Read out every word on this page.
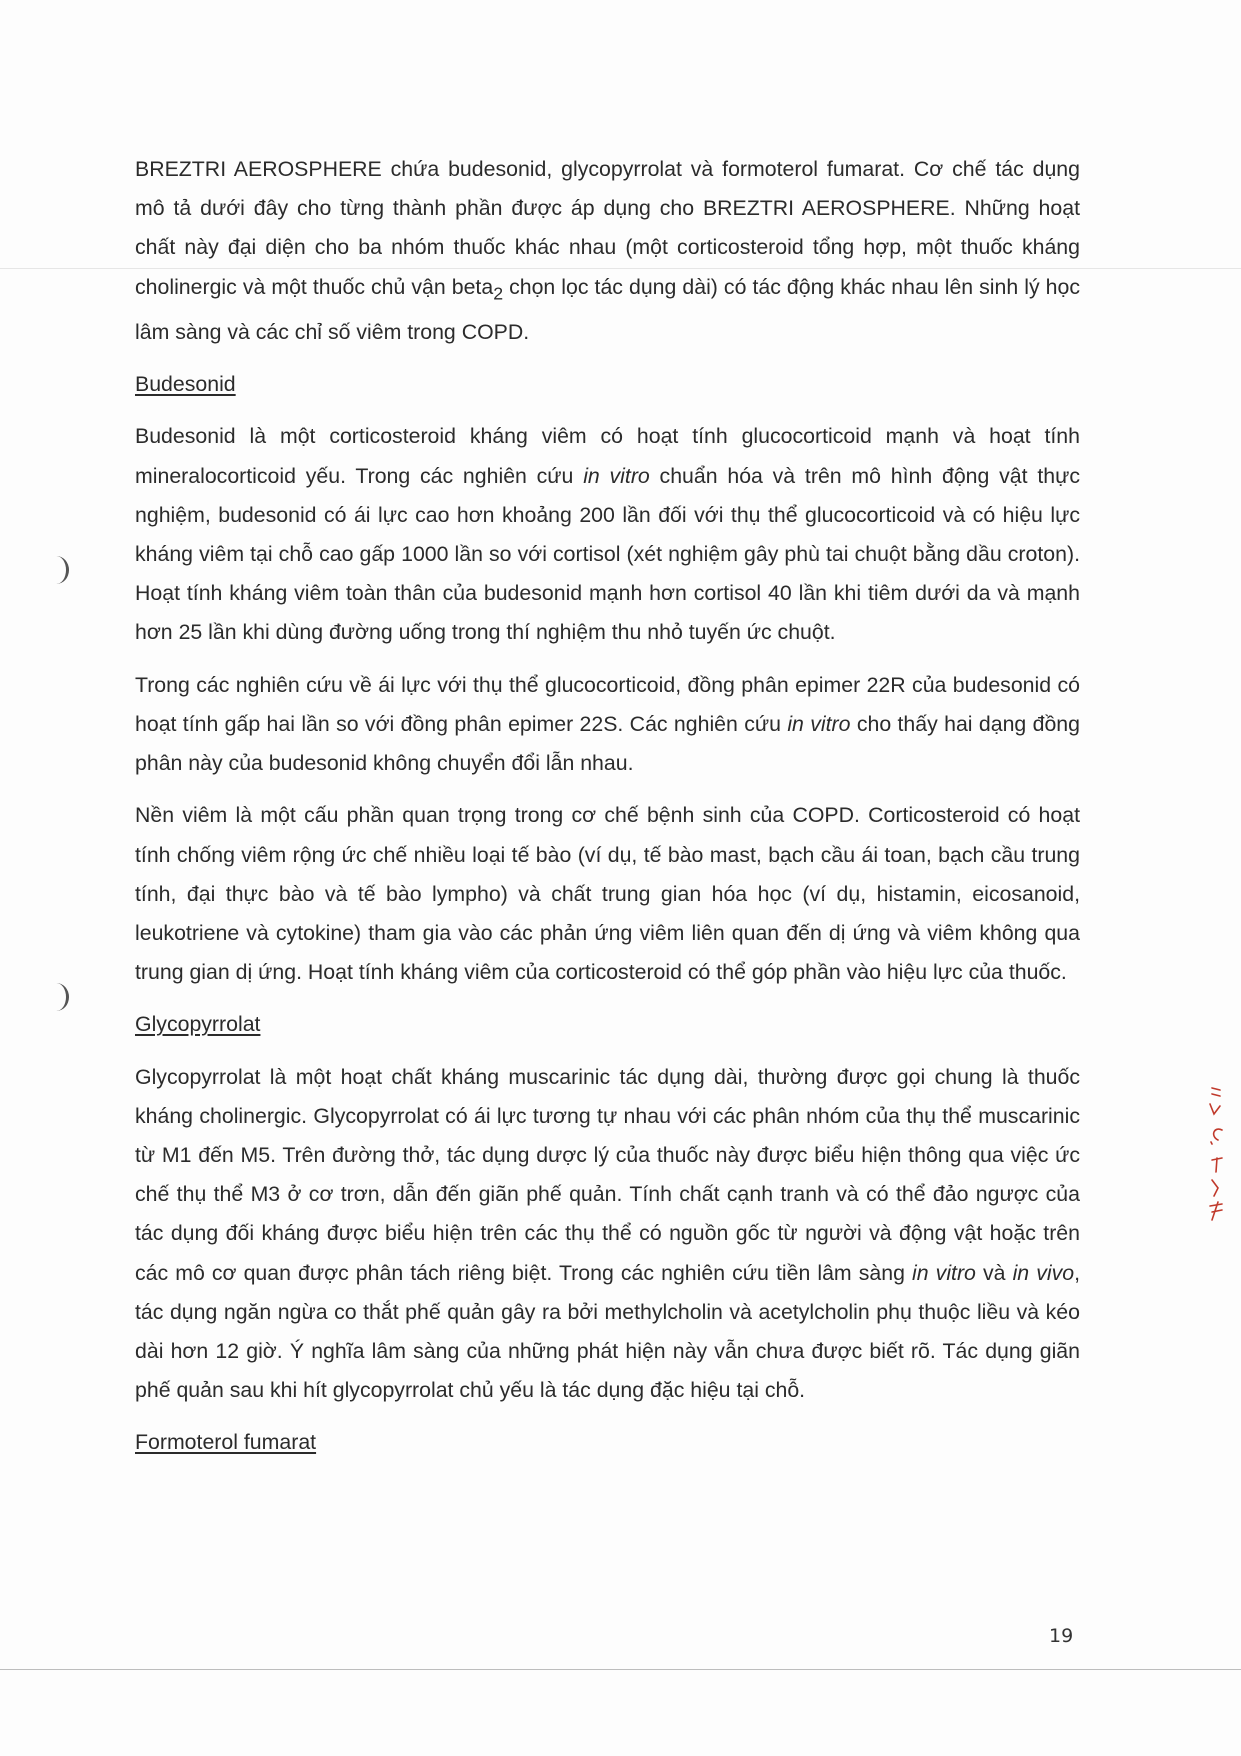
BREZTRI AEROSPHERE chứa budesonid, glycopyrrolat và formoterol fumarat. Cơ chế tác dụng mô tả dưới đây cho từng thành phần được áp dụng cho BREZTRI AEROSPHERE. Những hoạt chất này đại diện cho ba nhóm thuốc khác nhau (một corticosteroid tổng hợp, một thuốc kháng cholinergic và một thuốc chủ vận beta$_2$ chọn lọc tác dụng dài) có tác động khác nhau lên sinh lý học lâm sàng và các chỉ số viêm trong COPD.

Budesonid

Budesonid là một corticosteroid kháng viêm có hoạt tính glucocorticoid mạnh và hoạt tính mineralocorticoid yếu. Trong các nghiên cứu in vitro chuẩn hóa và trên mô hình động vật thực nghiệm, budesonid có ái lực cao hơn khoảng 200 lần đối với thụ thể glucocorticoid và có hiệu lực kháng viêm tại chỗ cao gấp 1000 lần so với cortisol (xét nghiệm gây phù tai chuột bằng dầu croton). Hoạt tính kháng viêm toàn thân của budesonid mạnh hơn cortisol 40 lần khi tiêm dưới da và mạnh hơn 25 lần khi dùng đường uống trong thí nghiệm thu nhỏ tuyến ức chuột.

Trong các nghiên cứu về ái lực với thụ thể glucocorticoid, đồng phân epimer 22R của budesonid có hoạt tính gấp hai lần so với đồng phân epimer 22S. Các nghiên cứu in vitro cho thấy hai dạng đồng phân này của budesonid không chuyển đổi lẫn nhau.

Nền viêm là một cấu phần quan trọng trong cơ chế bệnh sinh của COPD. Corticosteroid có hoạt tính chống viêm rộng ức chế nhiều loại tế bào (ví dụ, tế bào mast, bạch cầu ái toan, bạch cầu trung tính, đại thực bào và tế bào lympho) và chất trung gian hóa học (ví dụ, histamin, eicosanoid, leukotriene và cytokine) tham gia vào các phản ứng viêm liên quan đến dị ứng và viêm không qua trung gian dị ứng. Hoạt tính kháng viêm của corticosteroid có thể góp phần vào hiệu lực của thuốc.

Glycopyrrolat

Glycopyrrolat là một hoạt chất kháng muscarinic tác dụng dài, thường được gọi chung là thuốc kháng cholinergic. Glycopyrrolat có ái lực tương tự nhau với các phân nhóm của thụ thể muscarinic từ M1 đến M5. Trên đường thở, tác dụng dược lý của thuốc này được biểu hiện thông qua việc ức chế thụ thể M3 ở cơ trơn, dẫn đến giãn phế quản. Tính chất cạnh tranh và có thể đảo ngược của tác dụng đối kháng được biểu hiện trên các thụ thể có nguồn gốc từ người và động vật hoặc trên các mô cơ quan được phân tách riêng biệt. Trong các nghiên cứu tiền lâm sàng in vitro và in vivo, tác dụng ngăn ngừa co thắt phế quản gây ra bởi methylcholin và acetylcholin phụ thuộc liều và kéo dài hơn 12 giờ. Ý nghĩa lâm sàng của những phát hiện này vẫn chưa được biết rõ. Tác dụng giãn phế quản sau khi hít glycopyrrolat chủ yếu là tác dụng đặc hiệu tại chỗ.

Formoterol fumarat
19
